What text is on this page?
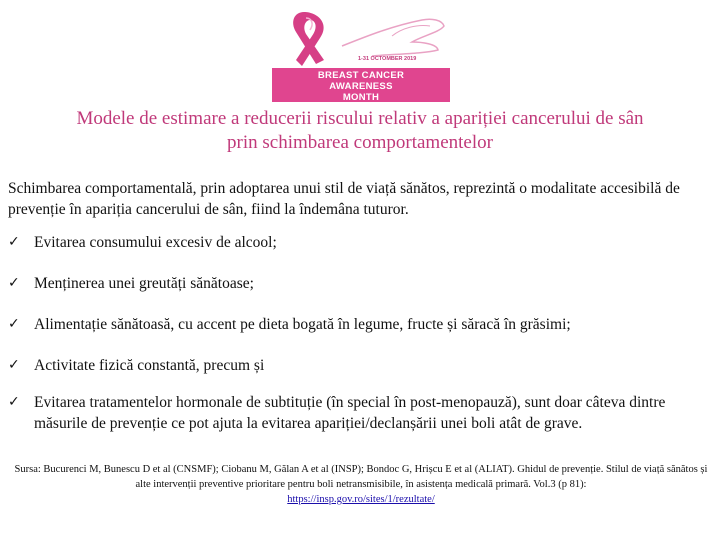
1-31 OCTOMBER 2019
BREAST CANCER
AWARENESS
MONTH
Modele de estimare a reducerii riscului relativ a apariției cancerului de sân
prin schimbarea comportamentelor
Schimbarea comportamentală, prin adoptarea unui stil de viață sănătos, reprezintă o modalitate accesibilă de prevenție în apariția cancerului de sân, fiind la îndemâna tuturor.
✓ Evitarea consumului excesiv de alcool;
✓ Menținerea unei greutăți sănătoase;
✓ Alimentație sănătoasă, cu accent pe dieta bogată în legume, fructe și săracă în grăsimi;
✓ Activitate fizică constantă, precum și
✓ Evitarea tratamentelor hormonale de subtituție (în special în post-menopauză), sunt doar câteva dintre măsurile de prevenție ce pot ajuta la evitarea apariției/declanșării unei boli atât de grave.
Sursa: Bucurenci M, Bunescu D et al (CNSMF); Ciobanu M, Gălan A et al (INSP); Bondoc G, Hrișcu E et al (ALIAT). Ghidul de prevenție. Stilul de viață sănătos și alte intervenții preventive prioritare pentru boli netransmisibile, în asistența medicală primară. Vol.3 (p 81):
https://insp.gov.ro/sites/1/rezultate/
